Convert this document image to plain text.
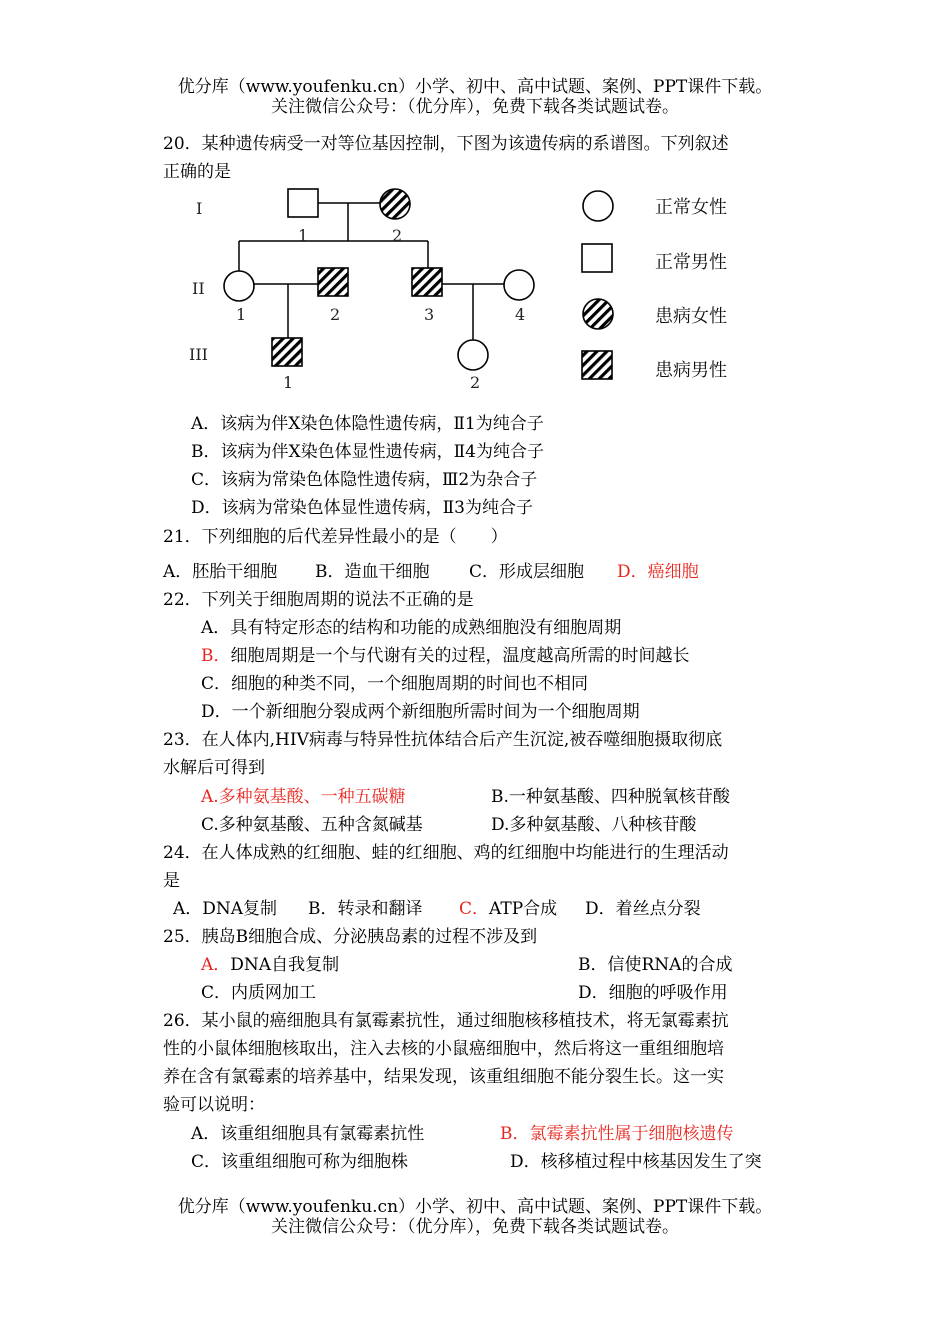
优分库（www.youfenku.cn）小学、初中、高中试题、案例、PPT课件下载。
关注微信公众号：（优分库），免费下载各类试题试卷。
20．某种遗传病受一对等位基因控制，下图为该遗传病的系谱图。下列叙述
正确的是
I
II
III
1	2
1	2	3	4
1	2
正常女性
正常男性
患病女性
患病男性
A．该病为伴X染色体隐性遗传病，Ⅱ1为纯合子
B．该病为伴X染色体显性遗传病，Ⅱ4为纯合子
C．该病为常染色体隐性遗传病，Ⅲ2为杂合子
D．该病为常染色体显性遗传病，Ⅱ3为纯合子
21．下列细胞的后代差异性最小的是（　　）
A．胚胎干细胞 B．造血干细胞 C．形成层细胞 D．癌细胞
22．下列关于细胞周期的说法不正确的是
A．具有特定形态的结构和功能的成熟细胞没有细胞周期
B．细胞周期是一个与代谢有关的过程，温度越高所需的时间越长
C．细胞的种类不同，一个细胞周期的时间也不相同
D．一个新细胞分裂成两个新细胞所需时间为一个细胞周期
23．在人体内,HIV病毒与特异性抗体结合后产生沉淀,被吞噬细胞摄取彻底
水解后可得到
A.多种氨基酸、一种五碳糖	B.一种氨基酸、四种脱氧核苷酸
C.多种氨基酸、五种含氮碱基	D.多种氨基酸、八种核苷酸
24．在人体成熟的红细胞、蛙的红细胞、鸡的红细胞中均能进行的生理活动
是
A．DNA复制 B．转录和翻译 C．ATP合成 D．着丝点分裂
25．胰岛B细胞合成、分泌胰岛素的过程不涉及到
A．DNA自我复制	B．信使RNA的合成
C．内质网加工	D．细胞的呼吸作用
26．某小鼠的癌细胞具有氯霉素抗性，通过细胞核移植技术，将无氯霉素抗
性的小鼠体细胞核取出，注入去核的小鼠癌细胞中，然后将这一重组细胞培
养在含有氯霉素的培养基中，结果发现，该重组细胞不能分裂生长。这一实
验可以说明：
A．该重组细胞具有氯霉素抗性	B．氯霉素抗性属于细胞核遗传
C．该重组细胞可称为细胞株	D．核移植过程中核基因发生了突
优分库（www.youfenku.cn）小学、初中、高中试题、案例、PPT课件下载。
关注微信公众号：（优分库），免费下载各类试题试卷。
